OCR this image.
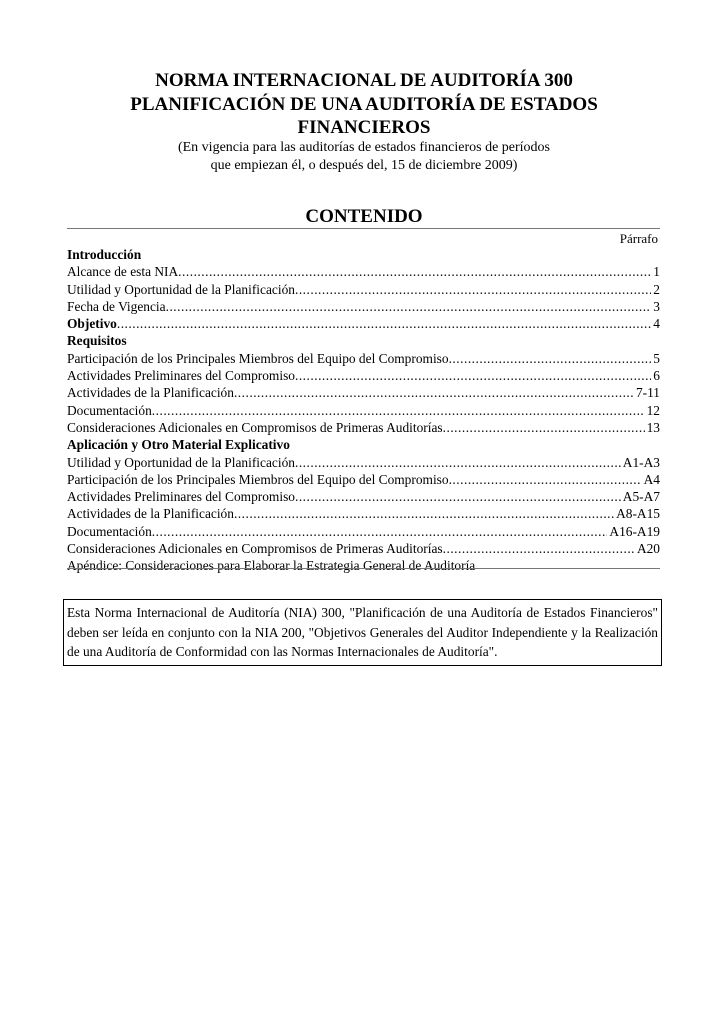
NORMA INTERNACIONAL DE AUDITORÍA 300
PLANIFICACIÓN DE UNA AUDITORÍA DE ESTADOS
FINANCIEROS
(En vigencia para las auditorías de estados financieros de períodos
que empiezan él, o después del, 15 de diciembre 2009)
CONTENIDO
Párrafo
Introducción
Alcance de esta NIA .....	1
Utilidad y Oportunidad de la Planificación .....	2
Fecha de Vigencia .....	3
Objetivo .....	4
Requisitos
Participación de los Principales Miembros del Equipo del Compromiso .....	5
Actividades Preliminares del Compromiso .....	6
Actividades de la Planificación .....	7-11
Documentación .....	12
Consideraciones Adicionales en Compromisos de Primeras Auditorías .....	13
Aplicación y Otro Material Explicativo
Utilidad y Oportunidad de la Planificación .....	A1-A3
Participación de los Principales Miembros del Equipo del Compromiso .....	A4
Actividades Preliminares del Compromiso .....	A5-A7
Actividades de la Planificación .....	A8-A15
Documentación .....	A16-A19
Consideraciones Adicionales en Compromisos de Primeras Auditorías .....	A20
Apéndice: Consideraciones para Elaborar la Estrategia General de Auditoría
Esta Norma Internacional de Auditoría (NIA) 300, "Planificación de una Auditoría de Estados Financieros" deben ser leída en conjunto con la NIA 200, "Objetivos Generales del Auditor Independiente y la Realización de una Auditoría de Conformidad con las Normas Internacionales de Auditoría".
